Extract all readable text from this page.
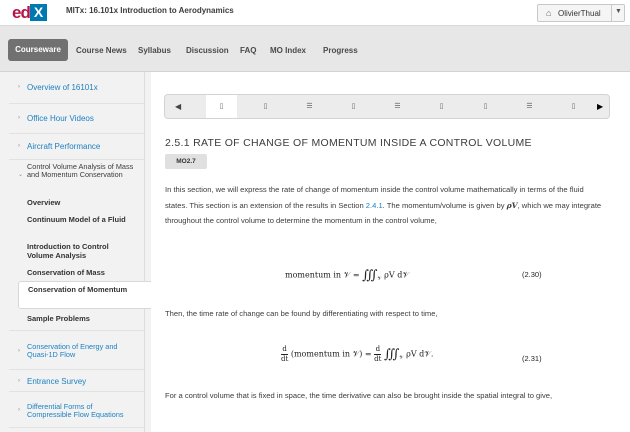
ed X	MITx: 16.101x Introduction to Aerodynamics	⌂ OlivierThual ▼
Courseware	Course News Syllabus Discussion FAQ MO Index Progress
› Overview of 16101x
› Office Hour Videos
› Aircraft Performance
⌄
Control Volume Analysis of Mass and Momentum Conservation
Overview
Continuum Model of a Fluid
Introduction to Control Volume Analysis
Conservation of Mass
Conservation of Momentum
Sample Problems
› Conservation of Energy and Quasi-1D Flow
› Entrance Survey
› Differential Forms of Compressible Flow Equations
◀	▯	▯	☰	▯	☰	▯	▯	☰	▯	▶
2.5.1 RATE OF CHANGE OF MOMENTUM INSIDE A CONTROL VOLUME
MO2.7
In this section, we will express the rate of change of momentum inside the control volume mathematically in terms of the fluid states. This section is an extension of the results in Section 2.4.1. The momentum/volume is given by ρV, which we may integrate throughout the control volume to determine the momentum in the control volume,
momentum in 𝒱 = $∭_𝒱$ ρV d𝒱	(2.30)
Then, the time rate of change can be found by differentiating with respect to time,
$\frac{d}{dt}$ (momentum in 𝒱) = $\frac{d}{dt}$ $∭_𝒱$ ρV d𝒱.	(2.31)
For a control volume that is fixed in space, the time derivative can also be brought inside the spatial integral to give,
